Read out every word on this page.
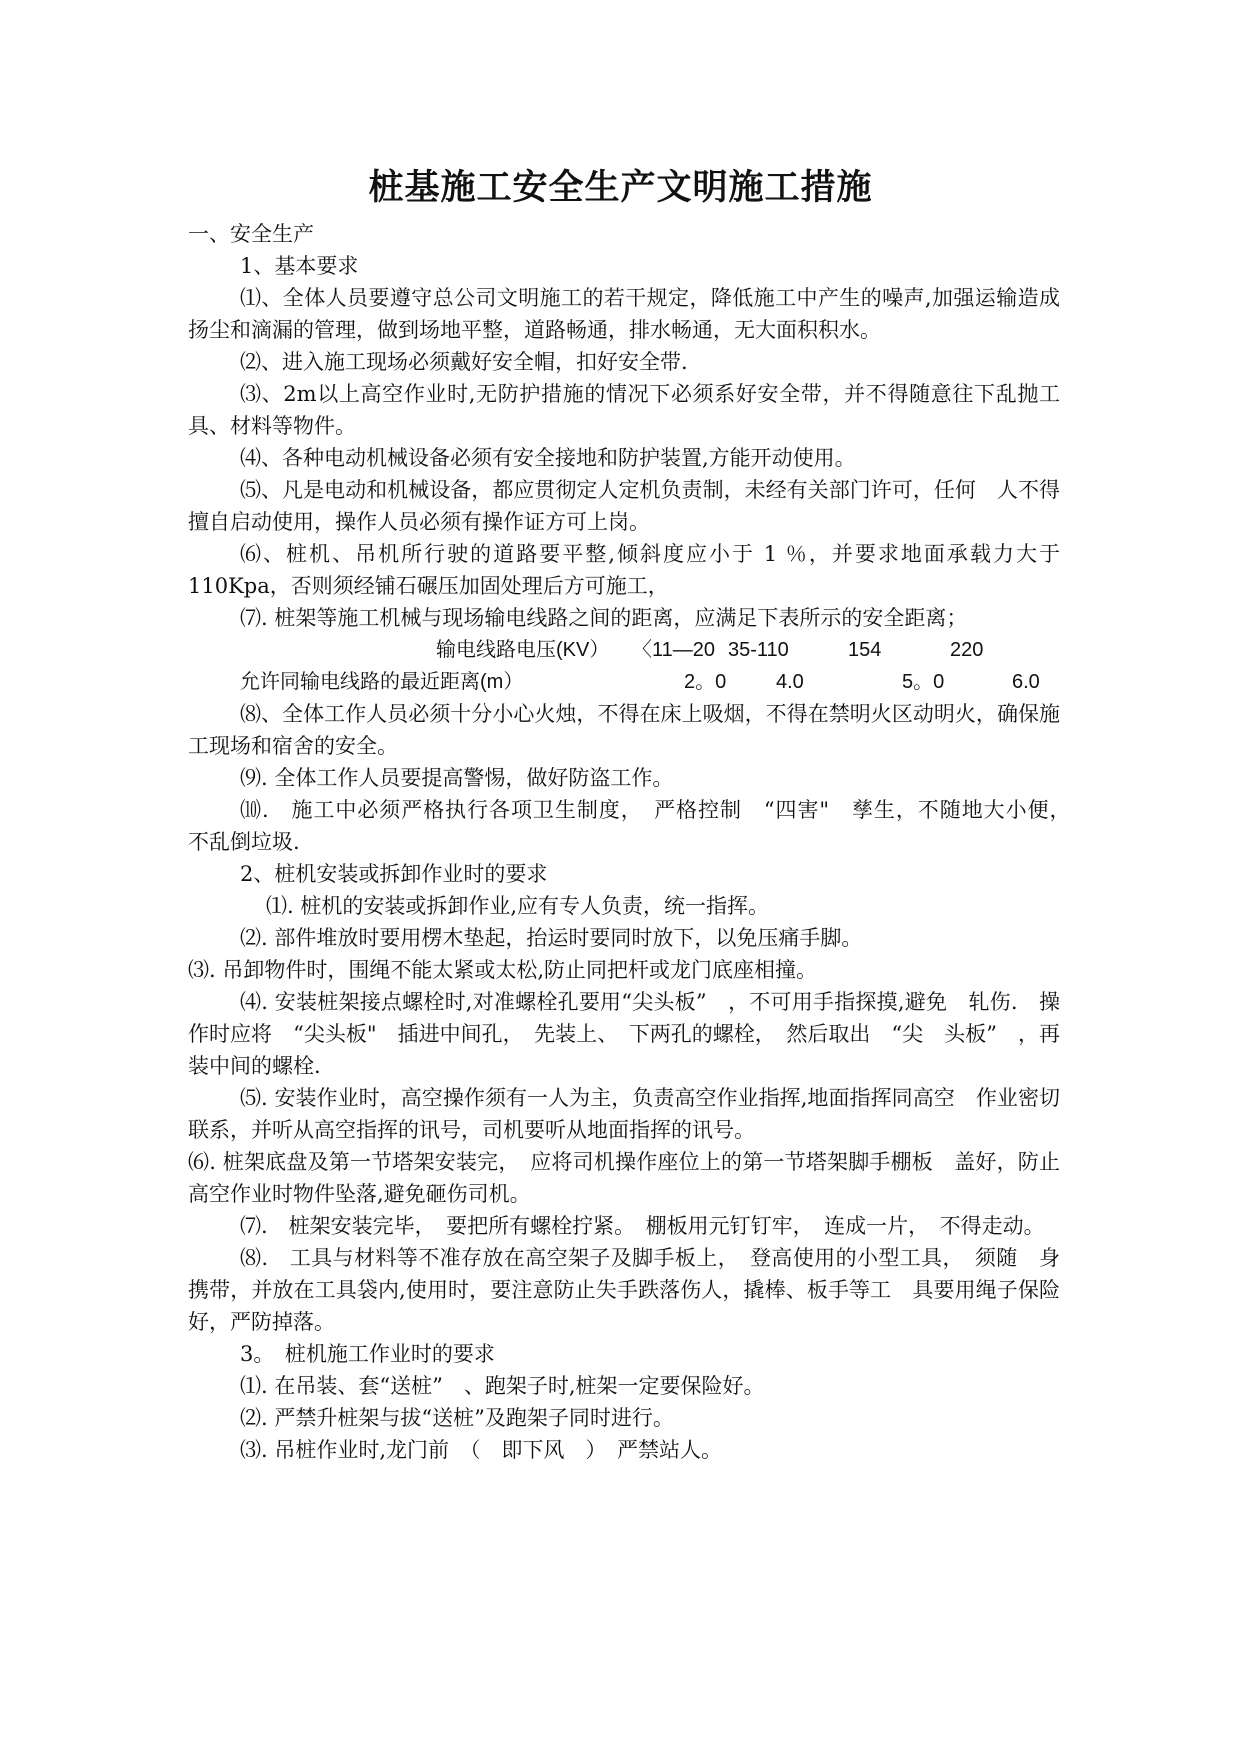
桩基施工安全生产文明施工措施

一、安全生产

1、基本要求

⑴、全体人员要遵守总公司文明施工的若干规定，降低施工中产生的噪声,加强运输造成扬尘和滴漏的管理，做到场地平整，道路畅通，排水畅通，无大面积积水。

⑵、进入施工现场必须戴好安全帽，扣好安全带.

⑶、2m以上高空作业时,无防护措施的情况下必须系好安全带，并不得随意往下乱抛工具、材料等物件。

⑷、各种电动机械设备必须有安全接地和防护装置,方能开动使用。

⑸、凡是电动和机械设备，都应贯彻定人定机负责制，未经有关部门许可，任何　人不得擅自启动使用，操作人员必须有操作证方可上岗。

⑹、桩机、吊机所行驶的道路要平整,倾斜度应小于 1 ％，并要求地面承载力大于110Kpa，否则须经铺石碾压加固处理后方可施工，

⑺. 桩架等施工机械与现场输电线路之间的距离，应满足下表所示的安全距离；

输电线路电压(KV） 〈11—20 35-110	154	220
允许同输电线路的最近距离(m）	2。0 4.0	5。0	6.0

⑻、全体工作人员必须十分小心火烛，不得在床上吸烟，不得在禁明火区动明火，确保施工现场和宿舍的安全。

⑼. 全体工作人员要提高警惕，做好防盗工作。

⑽.　施工中必须严格执行各项卫生制度，　严格控制　“四害"　孳生，不随地大小便，　不乱倒垃圾.

2、桩机安装或拆卸作业时的要求

⑴. 桩机的安装或拆卸作业,应有专人负责，统一指挥。

⑵. 部件堆放时要用楞木垫起，抬运时要同时放下，以免压痛手脚。

⑶. 吊卸物件时，围绳不能太紧或太松,防止同把杆或龙门底座相撞。

⑷. 安装桩架接点螺栓时,对准螺栓孔要用“尖头板”　，不可用手指探摸,避免　轧伤.　操作时应将　“尖头板"　插进中间孔，　先装上、　下两孔的螺栓，　然后取出　“尖　头板”　，再装中间的螺栓.

⑸. 安装作业时，高空操作须有一人为主，负责高空作业指挥,地面指挥同高空　作业密切联系，并听从高空指挥的讯号，司机要听从地面指挥的讯号。

⑹. 桩架底盘及第一节塔架安装完，　应将司机操作座位上的第一节塔架脚手棚板　盖好，防止高空作业时物件坠落,避免砸伤司机。

⑺.　桩架安装完毕，　要把所有螺栓拧紧。　棚板用元钉钉牢，　连成一片，　不得走动。

⑻.　工具与材料等不准存放在高空架子及脚手板上，　登高使用的小型工具，　须随　身携带，并放在工具袋内,使用时，要注意防止失手跌落伤人，撬棒、板手等工　具要用绳子保险好，严防掉落。

3。　桩机施工作业时的要求

⑴. 在吊装、套“送桩”　、跑架子时,桩架一定要保险好。

⑵. 严禁升桩架与拔“送桩”及跑架子同时进行。

⑶. 吊桩作业时,龙门前　（　即下风　）　严禁站人。
